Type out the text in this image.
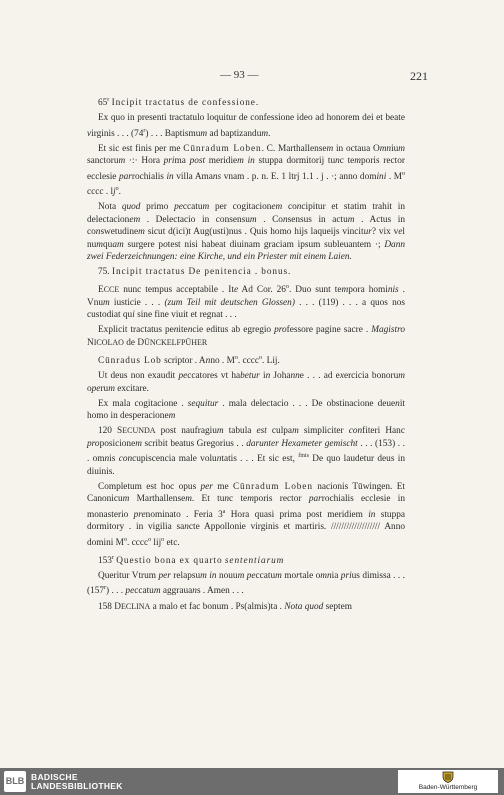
— 93 —	221

65$^r$ Incipit tractatus de confessione.

Ex quo in presenti tractatulo loquitur de confessione ideo ad honorem dei et beate virginis . . . (74$^r$) . . . Baptismum ad baptizandum.

Et sic est finis per me Cūnradum Loben. C. Marthallensem in octaua Omnium sanctorum ·:· Hora prima post meridiem in stuppa dormitorij tunc temporis rector ecclesie parrochialis in villa Amans vnam . p. n. E. 1 ltrj 1.1 . j . ·; anno domini . $M^o$ cccc . $lj^o$.

Nota quod primo peccatum per cogitacionem concipitur et statim trahit in delectacionem . Delectacio in consensum . Consensus in actum . Actus in conswetudinem sicut d(ici)t Aug(usti)nus . Quis homo hijs laqueijs vincitur? vix vel numquam surgere potest nisi habeat diuinam graciam ipsum subleuantem ·; Dann zwei Federzeichnungen: eine Kirche, und ein Priester mit einem Laien.

75. Incipit tractatus De penitencia . bonus.

ECCE nunc tempus acceptabile . Ite Ad Cor. 26$^o$. Duo sunt tempora hominis . Vnum iusticie . . . (zum Teil mit deutschen Glossen) . . . (119) . . . a quos nos custodiat qui sine fine viuit et regnat . . .

Explicit tractatus penitencie editus ab egregio professore pagine sacre . Magistro NICOLAO de DŪNCKELFPŪHER

Cūnradus Lob scriptor . Anno . $M^o$. cccc$^o$. Lij.

Ut deus non exaudit peccatores vt habetur in Johanne . . . ad exercicia bonorum operum excitare.

Ex mala cogitacione . sequitur . mala delectacio . . . De obstinacione deuenit homo in desperacionem

120 SECUNDA post naufragium tabula est culpam simpliciter confiteri Hanc proposicionem scribit beatus Gregorius . . darunter Hexameter gemischt . . . (153) . . . omnis concupiscencia male voluntatis . . . Et sic est, $^{finis}$ De quo laudetur deus in diuinis.

Completum est hoc opus per me Cūnradum Loben nacionis Tūwingen. Et Canonicum Marthallensem. Et tunc temporis rector parrochialis ecclesie in monasterio prenominato . Feria 3$^a$ Hora quasi prima post meridiem in stuppa dormitory . in vigilia sancte Appollonie virginis et martiris. /////////////////// Anno domini $M^o$. cccc$^o$ lij$^o$ etc.

153$^r$ Questio bona ex quarto sententiarum

Queritur Vtrum per relapsum in nouum peccatum mortale omnia prius dimissa . . . (157$^r$) . . . peccatum aggrauans . Amen . . .

158 DECLINA a malo et fac bonum . Ps(almis)ta . Nota quod septem

BLB BADISCHE
LANDESBIBLIOTHEK	Baden-Württemberg
